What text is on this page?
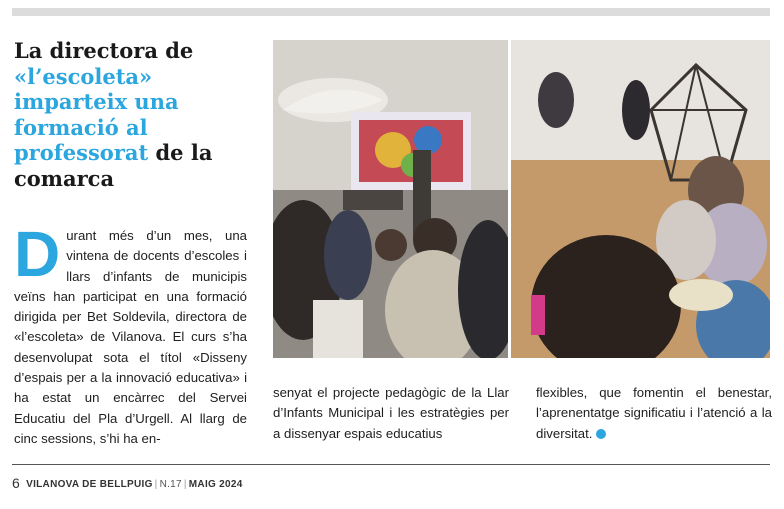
La directora de «l’escoleta» imparteix una formació al professorat de la comarca
Durant més d’un mes, una vintena de docents d’escoles i llars d’infants de municipis veïns han participat en una formació dirigida per Bet Soldevila, directora de «l’escoleta» de Vilanova. El curs s’ha desenvolupat sota el títol «Disseny d’espais per a la innovació educativa» i ha estat un encàrrec del Servei Educatiu del Pla d’Urgell. Al llarg de cinc sessions, s’hi ha en-
senyat el projecte pedagògic de la Llar d’Infants Municipal i les estratègies per a dissenyar espais educatius
flexibles, que fomentin el benestar, l’aprenentatge significatiu i l’atenció a la diversitat.
6 VILANOVA DE BELLPUIG | N.17 | MAIG 2024
